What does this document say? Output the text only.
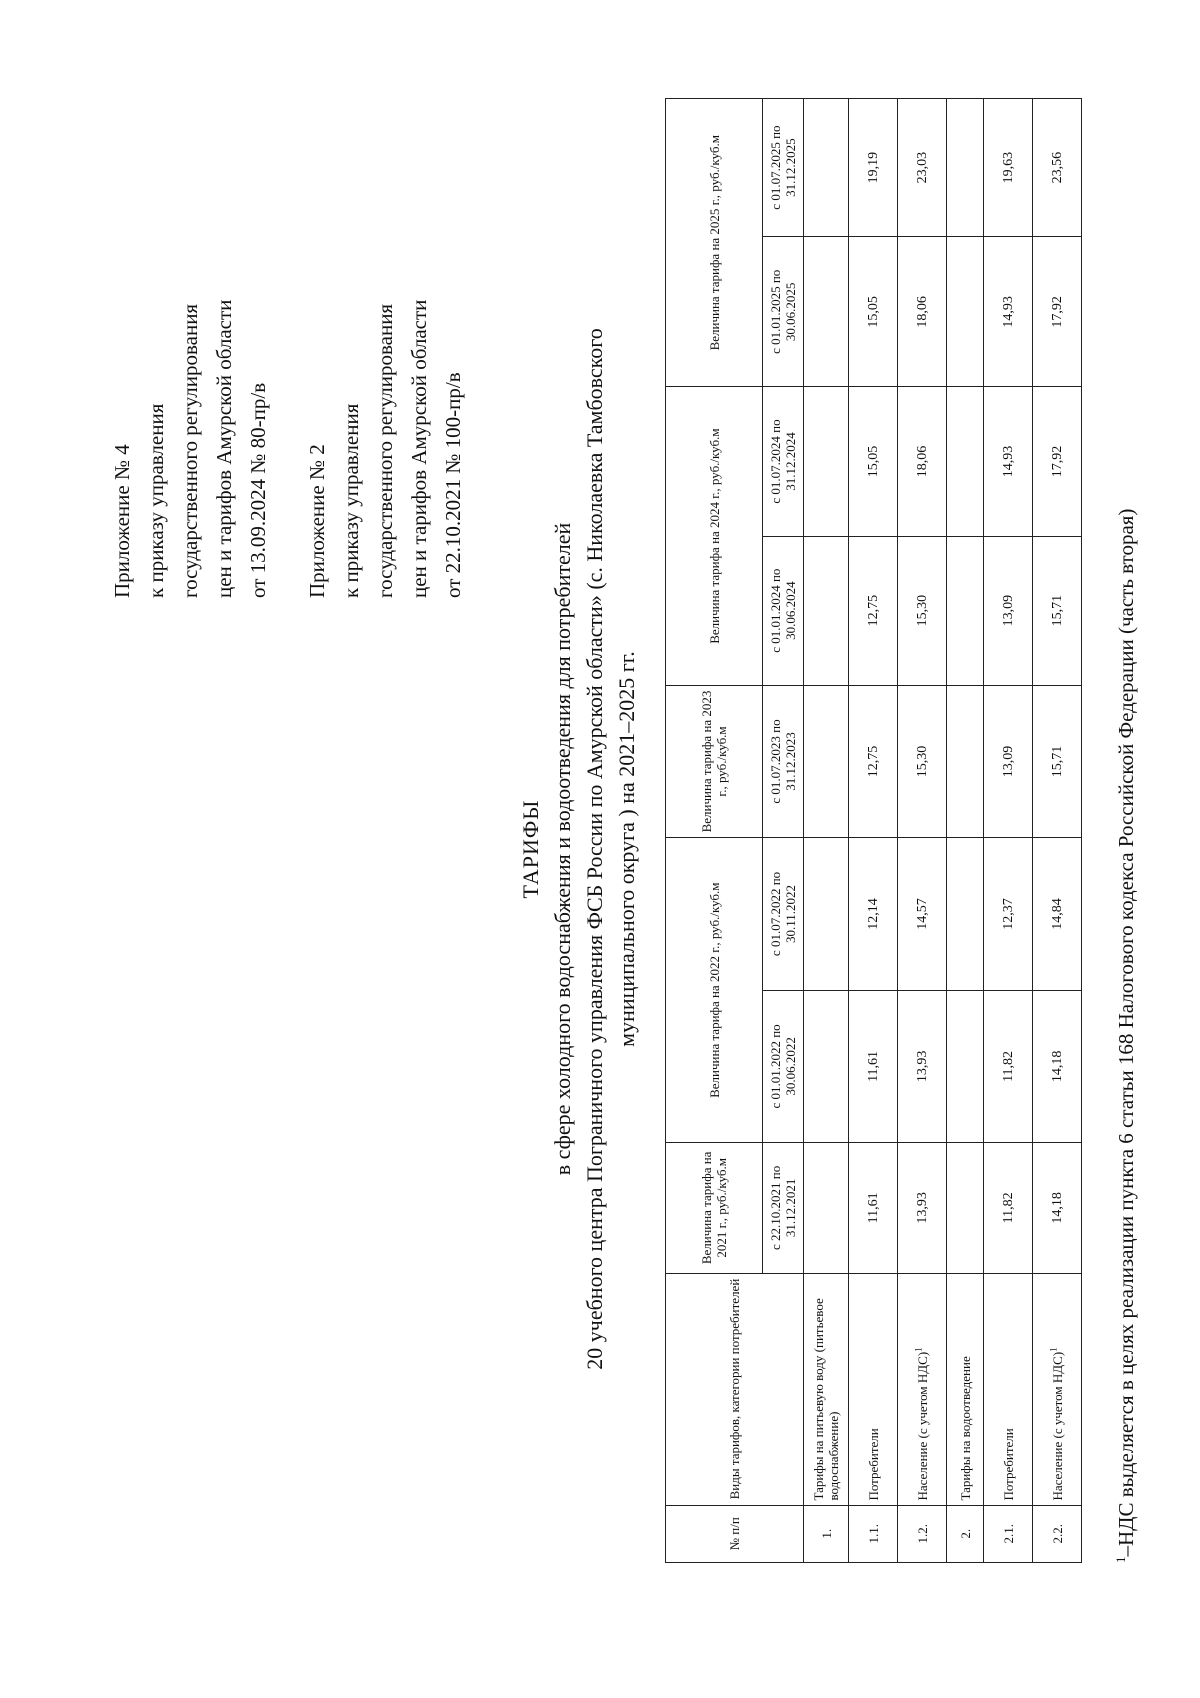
Приложение № 4 к приказу управления государственного регулирования цен и тарифов Амурской области от 13.09.2024 № 80-пр/в Приложение № 2 к приказу управления государственного регулирования цен и тарифов Амурской области от 22.10.2021 № 100-пр/в
ТАРИФЫ в сфере холодного водоснабжения и водоотведения для потребителей 20 учебного центра Пограничного управления ФСБ России по Амурской области» (с. Николаевка Тамбовского муниципального округа ) на 2021–2025 гг.
№ п/п	Виды тарифов, категории потребителей	Величина тарифа на 2021 г., руб./куб.м	Величина тарифа на 2022 г., руб./куб.м		Величина тарифа на 2023 г., руб./куб.м	Величина тарифа на 2024 г., руб./куб.м		Величина тарифа на 2025 г., руб./куб.м	
		с 22.10.2021 по 31.12.2021	с 01.01.2022 по 30.06.2022	с 01.07.2022 по 30.11.2022	с 01.07.2023 по 31.12.2023	с 01.01.2024 по 30.06.2024	с 01.07.2024 по 31.12.2024	с 01.01.2025 по 30.06.2025	с 01.07.2025 по 31.12.2025
1.	Тарифы на питьевую воду (питьевое водоснабжение)								
1.1.	Потребители	11,61	11,61	12,14	12,75	12,75	15,05	15,05	19,19
1.2.	Население (с учетом НДС)$^1$	13,93	13,93	14,57	15,30	15,30	18,06	18,06	23,03
2.	Тарифы на водоотведение								
2.1.	Потребители	11,82	11,82	12,37	13,09	13,09	14,93	14,93	19,63
2.2.	Население (с учетом НДС)$^1$	14,18	14,18	14,84	15,71	15,71	17,92	17,92	23,56
$^1$–НДС выделяется в целях реализации пункта 6 статьи 168 Налогового кодекса Российской Федерации (часть вторая)
